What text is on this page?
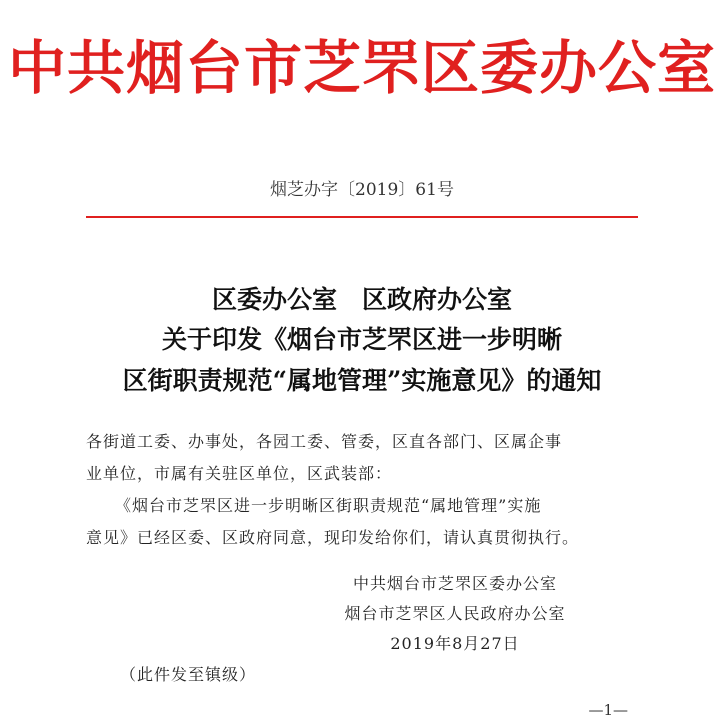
中共烟台市芝罘区委办公室
烟芝办字〔2019〕61号
区委办公室　区政府办公室
关于印发《烟台市芝罘区进一步明晰
区街职责规范“属地管理”实施意见》的通知
各街道工委、办事处，各园工委、管委，区直各部门、区属企事
业单位，市属有关驻区单位，区武装部：
《烟台市芝罘区进一步明晰区街职责规范“属地管理”实施
意见》已经区委、区政府同意，现印发给你们，请认真贯彻执行。
中共烟台市芝罘区委办公室
烟台市芝罘区人民政府办公室
2019年8月27日
（此件发至镇级）
—1—
